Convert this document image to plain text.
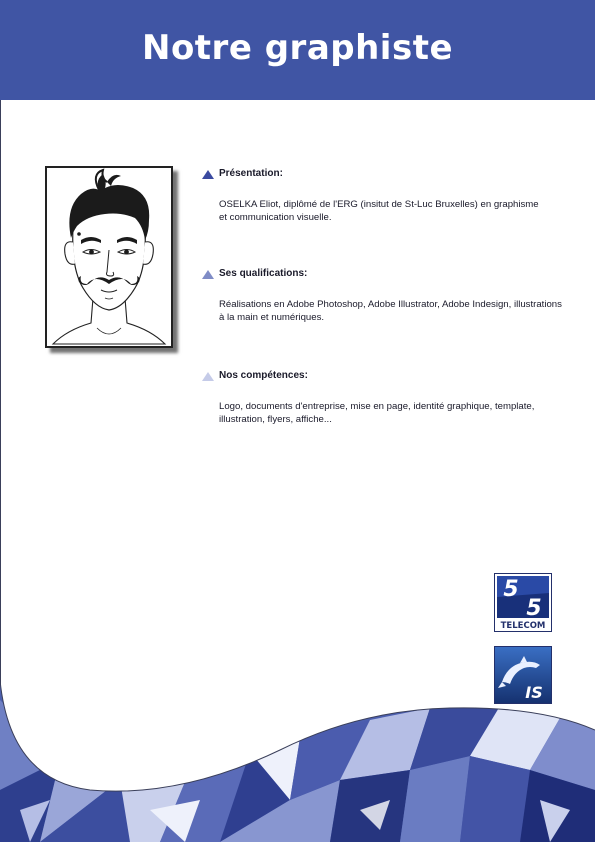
Notre graphiste
Présentation:
OSELKA Eliot, diplômé de l'ERG (insitut de St-Luc Bruxelles) en graphisme
et communication visuelle.
Ses qualifications:
Réalisations en Adobe Photoshop, Adobe Illustrator, Adobe Indesign, illustrations
à la main et numériques.
Nos compétences:
Logo, documents d'entreprise, mise en page, identité graphique, template,
illustration, flyers, affiche...
5
5
TELECOM
IS
